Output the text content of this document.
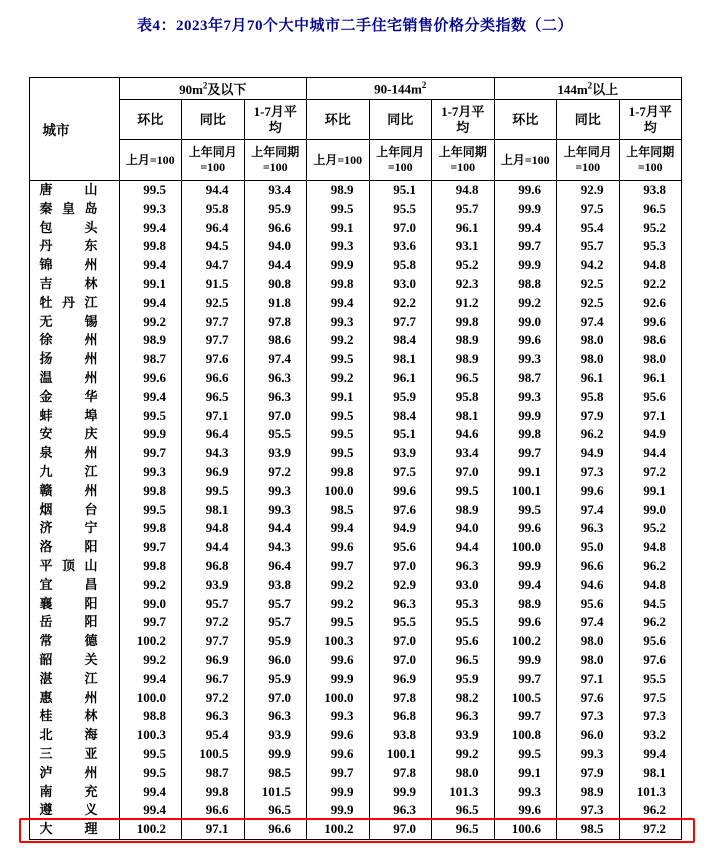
表4：2023年7月70个大中城市二手住宅销售价格分类指数（二）
城市	$90m^2$及以下			$90-144m^2$			$144m^2$以上		
	环比	同比	1-7月平均	环比	同比	1-7月平均	环比	同比	1-7月平均
	上月=100	上年同月=100	上年同期=100	上月=100	上年同月=100	上年同期=100	上月=100	上年同月=100	上年同期=100

唐 山	99.5	94.4	93.4	98.9	95.1	94.8	99.6	92.9	93.8

秦 皇 岛	99.3	95.8	95.9	99.5	95.5	95.7	99.9	97.5	96.5

包 头	99.4	96.4	96.6	99.1	97.0	96.1	99.4	95.4	95.2

丹 东	99.8	94.5	94.0	99.3	93.6	93.1	99.7	95.7	95.3

锦 州	99.4	94.7	94.4	99.9	95.8	95.2	99.9	94.2	94.8

吉 林	99.1	91.5	90.8	99.8	93.0	92.3	98.8	92.5	92.2

牡 丹 江	99.4	92.5	91.8	99.4	92.2	91.2	99.2	92.5	92.6

无 锡	99.2	97.7	97.8	99.3	97.7	99.8	99.0	97.4	99.6

徐 州	98.9	97.7	98.6	99.2	98.4	98.9	99.6	98.0	98.6

扬 州	98.7	97.6	97.4	99.5	98.1	98.9	99.3	98.0	98.0

温 州	99.6	96.6	96.3	99.2	96.1	96.5	98.7	96.1	96.1

金 华	99.4	96.5	96.3	99.1	95.9	95.8	99.3	95.8	95.6

蚌 埠	99.5	97.1	97.0	99.5	98.4	98.1	99.9	97.9	97.1

安 庆	99.9	96.4	95.5	99.5	95.1	94.6	99.8	96.2	94.9

泉 州	99.7	94.3	93.9	99.5	93.9	93.4	99.7	94.9	94.4

九 江	99.3	96.9	97.2	99.8	97.5	97.0	99.1	97.3	97.2

赣 州	99.8	99.5	99.3	100.0	99.6	99.5	100.1	99.6	99.1

烟 台	99.5	98.1	99.3	98.5	97.6	98.9	99.5	97.4	99.0

济 宁	99.8	94.8	94.4	99.4	94.9	94.0	99.6	96.3	95.2

洛 阳	99.7	94.4	94.3	99.6	95.6	94.4	100.0	95.0	94.8

平 顶 山	99.8	96.8	96.4	99.7	97.0	96.3	99.9	96.6	96.2

宜 昌	99.2	93.9	93.8	99.2	92.9	93.0	99.4	94.6	94.8

襄 阳	99.0	95.7	95.7	99.2	96.3	95.3	98.9	95.6	94.5

岳 阳	99.7	97.2	95.7	99.5	95.5	95.5	99.6	97.4	96.2

常 德	100.2	97.7	95.9	100.3	97.0	95.6	100.2	98.0	95.6

韶 关	99.2	96.9	96.0	99.6	97.0	96.5	99.9	98.0	97.6

湛 江	99.4	96.7	95.9	99.9	96.9	95.9	99.7	97.1	95.5

惠 州	100.0	97.2	97.0	100.0	97.8	98.2	100.5	97.6	97.5

桂 林	98.8	96.3	96.3	99.3	96.8	96.3	99.7	97.3	97.3

北 海	100.3	95.4	93.9	99.6	93.8	93.9	100.8	96.0	93.2

三 亚	99.5	100.5	99.9	99.6	100.1	99.2	99.5	99.3	99.4

泸 州	99.5	98.7	98.5	99.7	97.8	98.0	99.1	97.9	98.1

南 充	99.4	99.8	101.5	99.9	99.9	101.3	99.3	98.9	101.3

遵 义	99.4	96.6	96.5	99.9	96.3	96.5	99.6	97.3	96.2

大 理	100.2	97.1	96.6	100.2	97.0	96.5	100.6	98.5	97.2
